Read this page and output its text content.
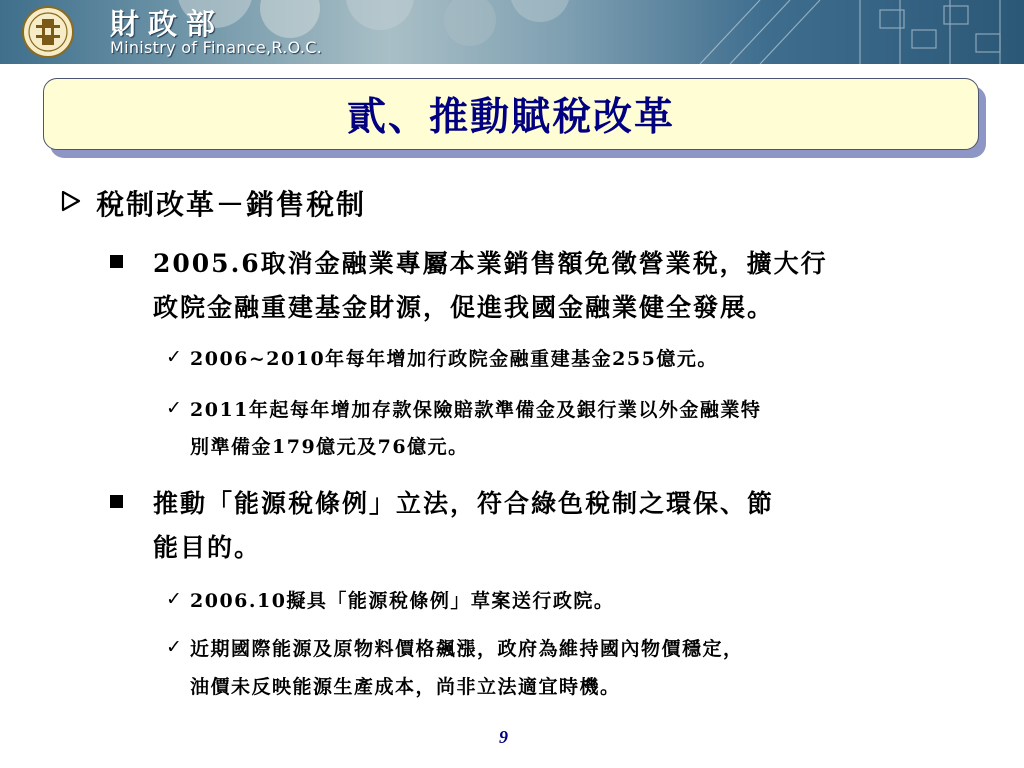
財政部
Ministry of Finance,R.O.C.
貳、推動賦稅改革
稅制改革－銷售稅制
2005.6取消金融業專屬本業銷售額免徵營業稅，擴大行
政院金融重建基金財源，促進我國金融業健全發展。
✓ 2006~2010年每年增加行政院金融重建基金255億元。
✓ 2011年起每年增加存款保險賠款準備金及銀行業以外金融業特
別準備金179億元及76億元。
推動「能源稅條例」立法，符合綠色稅制之環保、節
能目的。
✓ 2006.10擬具「能源稅條例」草案送行政院。
✓ 近期國際能源及原物料價格飆漲，政府為維持國內物價穩定，
油價未反映能源生產成本，尚非立法適宜時機。
9
